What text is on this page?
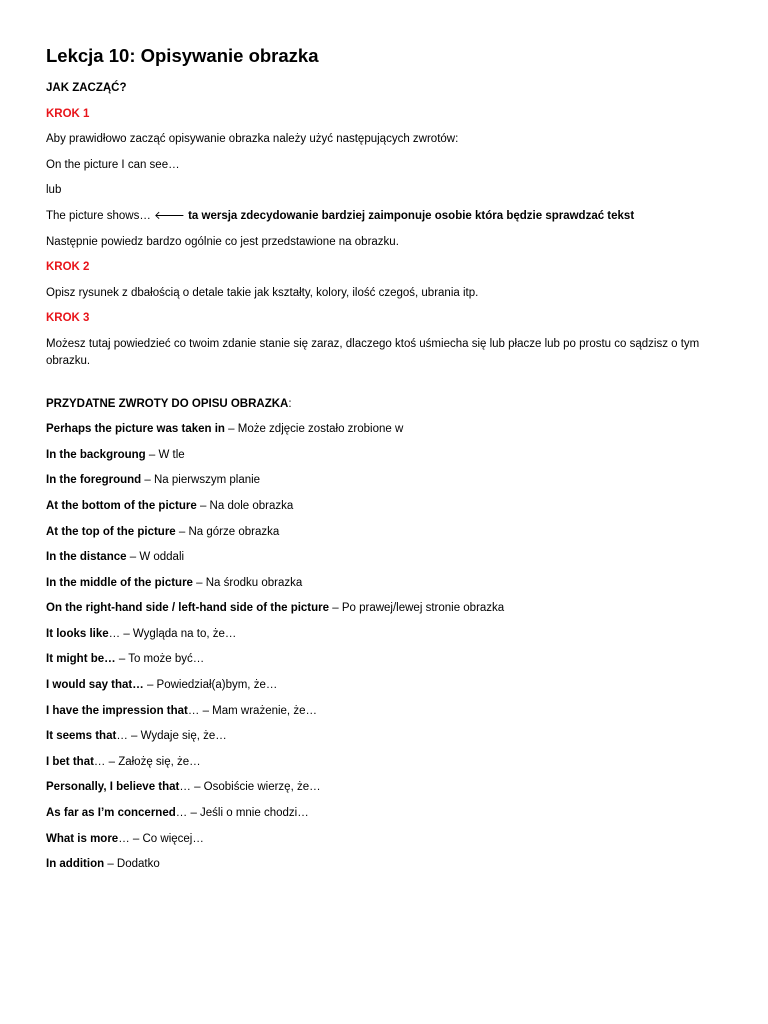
Lekcja 10: Opisywanie obrazka
JAK ZACZĄĆ?
KROK 1
Aby prawidłowo zacząć opisywanie obrazka należy użyć następujących zwrotów:
On the picture I can see…
lub
The picture shows… 🡐 ta wersja zdecydowanie bardziej zaimponuje osobie która będzie sprawdzać tekst
Następnie powiedz bardzo ogólnie co jest przedstawione na obrazku.
KROK 2
Opisz rysunek z dbałością o detale takie jak kształty, kolory, ilość czegoś, ubrania itp.
KROK 3
Możesz tutaj powiedzieć co twoim zdanie stanie się zaraz, dlaczego ktoś uśmiecha się lub płacze lub po prostu co sądzisz o tym obrazku.
PRZYDATNE ZWROTY DO OPISU OBRAZKA:
Perhaps the picture was taken in – Może zdjęcie zostało zrobione w
In the backgroung – W tle
In the foreground – Na pierwszym planie
At the bottom of the picture – Na dole obrazka
At the top of the picture – Na górze obrazka
In the distance – W oddali
In the middle of the picture – Na środku obrazka
On the right-hand side / left-hand side of the picture – Po prawej/lewej stronie obrazka
It looks like… – Wygląda na to, że…
It might be… – To może być…
I would say that… – Powiedział(a)bym, że…
I have the impression that… – Mam wrażenie, że…
It seems that… – Wydaje się, że…
I bet that… – Założę się, że…
Personally, I believe that… – Osobiście wierzę, że…
As far as I’m concerned… – Jeśli o mnie chodzi…
What is more… – Co więcej…
In addition – Dodatko
